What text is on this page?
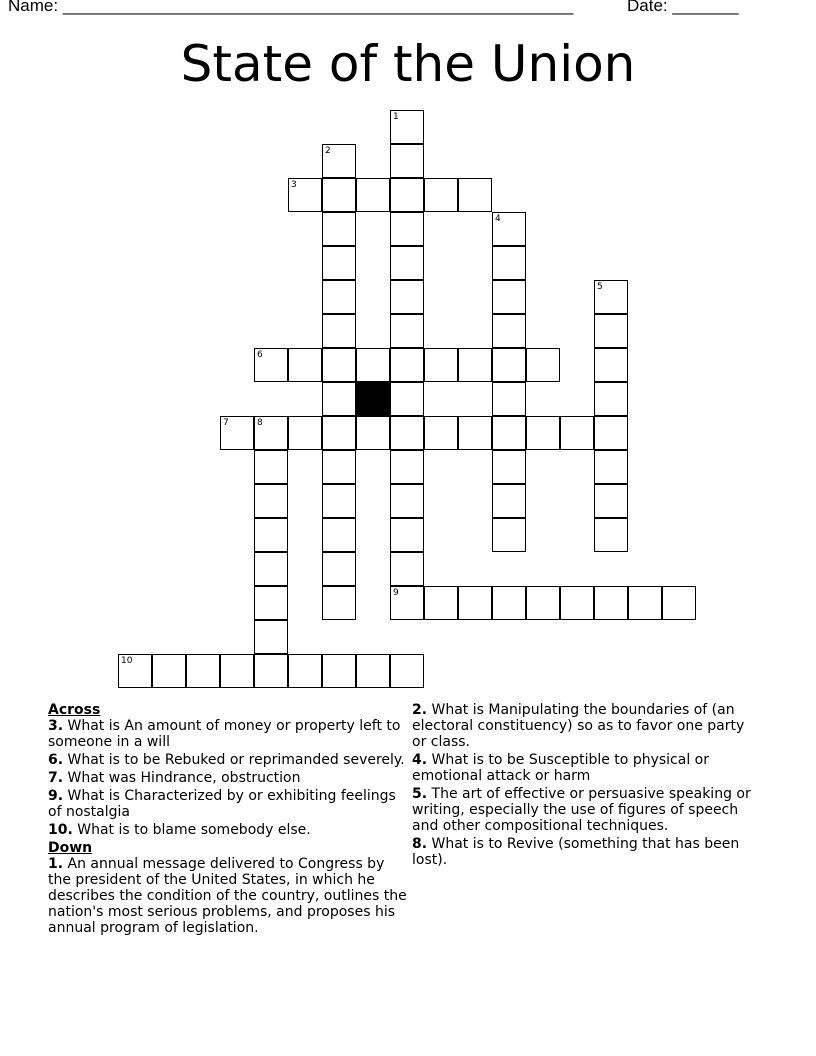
Name: ______________________________________________________	Date: _______
State of the Union
3
6
7	8
9
10
1
2
4
5
Across
3. What is An amount of money or property left to someone in a will
6. What is to be Rebuked or reprimanded severely.
7. What was Hindrance, obstruction
9. What is Characterized by or exhibiting feelings of nostalgia
10. What is to blame somebody else.
Down
1. An annual message delivered to Congress by the president of the United States, in which he describes the condition of the country, outlines the nation's most serious problems, and proposes his annual program of legislation.
2. What is Manipulating the boundaries of (an electoral constituency) so as to favor one party or class.
4. What is to be Susceptible to physical or emotional attack or harm
5. The art of effective or persuasive speaking or writing, especially the use of figures of speech and other compositional techniques.
8. What is to Revive (something that has been lost).
